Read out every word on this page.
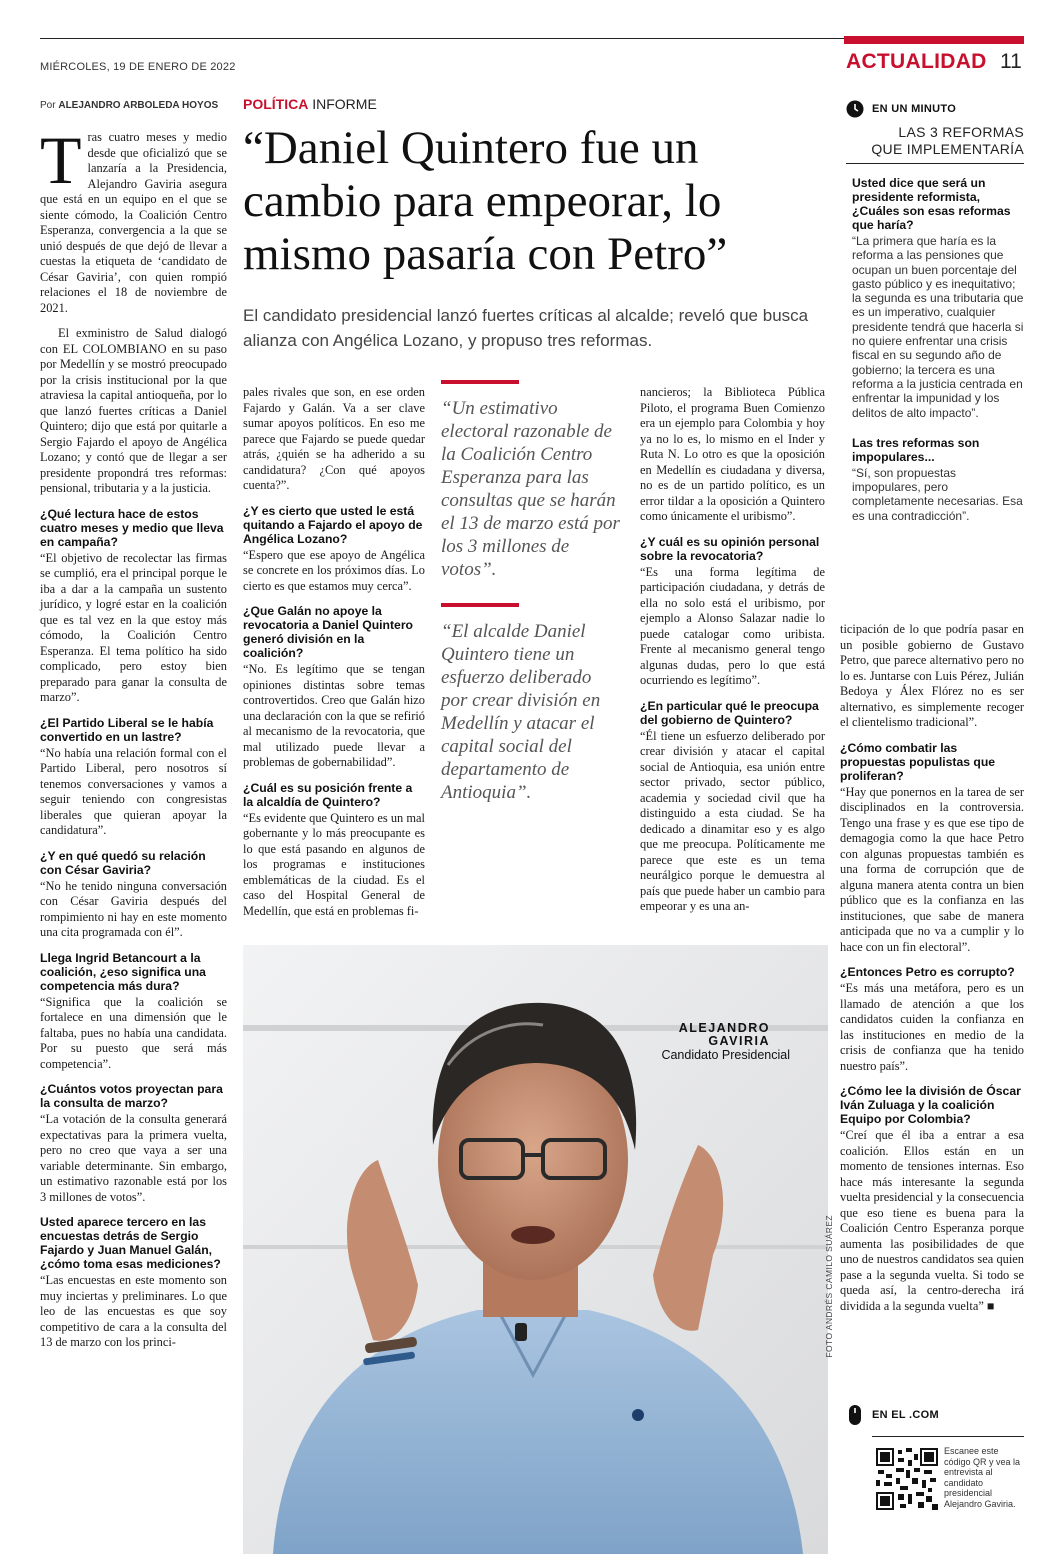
MIÉRCOLES, 19 DE ENERO DE 2022	ACTUALIDAD 11
Por ALEJANDRO ARBOLEDA HOYOS POLÍTICA INFORME
“Daniel Quintero fue un cambio para empeorar, lo mismo pasaría con Petro”
El candidato presidencial lanzó fuertes críticas al alcalde; reveló que busca alianza con Angélica Lozano, y propuso tres reformas.

T ras cuatro meses y medio desde que oficializó que se lanzaría a la Presidencia, Alejandro Gaviria asegura que está en un equipo en el que se siente cómodo, la Coalición Centro Esperanza, convergencia a la que se unió después de que dejó de llevar a cuestas la etiqueta de ‘candidato de César Gaviria’, con quien rompió relaciones el 18 de noviembre de 2021.

El exministro de Salud dialogó con EL COLOMBIANO en su paso por Medellín y se mostró preocupado por la crisis institucional por la que atraviesa la capital antioqueña, por lo que lanzó fuertes críticas a Daniel Quintero; dijo que está por quitarle a Sergio Fajardo el apoyo de Angélica Lozano; y contó que de llegar a ser presidente propondrá tres reformas: pensional, tributaria y a la justicia.

¿Qué lectura hace de estos cuatro meses y medio que lleva en campaña?

“El objetivo de recolectar las firmas se cumplió, era el principal porque le iba a dar a la campaña un sustento jurídico, y logré estar en la coalición que es tal vez en la que estoy más cómodo, la Coalición Centro Esperanza. El tema político ha sido complicado, pero estoy bien preparado para ganar la consulta de marzo”.

¿El Partido Liberal se le había convertido en un lastre?

“No había una relación formal con el Partido Liberal, pero nosotros sí tenemos conversaciones y vamos a seguir teniendo con congresistas liberales que quieran apoyar la candidatura”.

¿Y en qué quedó su relación con César Gaviria?

“No he tenido ninguna conversación con César Gaviria después del rompimiento ni hay en este momento una cita programada con él”.

Llega Ingrid Betancourt a la coalición, ¿eso significa una competencia más dura?

“Significa que la coalición se fortalece en una dimensión que le faltaba, pues no había una candidata. Por su puesto que será más competencia”.

¿Cuántos votos proyectan para la consulta de marzo?

“La votación de la consulta generará expectativas para la primera vuelta, pero no creo que vaya a ser una variable determinante. Sin embargo, un estimativo razonable está por los 3 millones de votos”.

Usted aparece tercero en las encuestas detrás de Sergio Fajardo y Juan Manuel Galán, ¿cómo toma esas mediciones?

“Las encuestas en este momento son muy inciertas y preliminares. Lo que leo de las encuestas es que soy competitivo de cara a la consulta del 13 de marzo con los princi-

pales rivales que son, en ese orden Fajardo y Galán. Va a ser clave sumar apoyos políticos. En eso me parece que Fajardo se puede quedar atrás, ¿quién se ha adherido a su candidatura? ¿Con qué apoyos cuenta?”.

¿Y es cierto que usted le está quitando a Fajardo el apoyo de Angélica Lozano?

“Espero que ese apoyo de Angélica se concrete en los próximos días. Lo cierto es que estamos muy cerca”.

¿Que Galán no apoye la revocatoria a Daniel Quintero generó división en la coalición?

“No. Es legítimo que se tengan opiniones distintas sobre temas controvertidos. Creo que Galán hizo una declaración con la que se refirió al mecanismo de la revocatoria, que mal utilizado puede llevar a problemas de gobernabilidad”.

¿Cuál es su posición frente a la alcaldía de Quintero?

“Es evidente que Quintero es un mal gobernante y lo más preocupante es lo que está pasando en algunos de los programas e instituciones emblemáticas de la ciudad. Es el caso del Hospital General de Medellín, que está en problemas fi-

“Un estimativo electoral razonable de la Coalición Centro Esperanza para las consultas que se harán el 13 de marzo está por los 3 millones de votos”.
“El alcalde Daniel Quintero tiene un esfuerzo deliberado por crear división en Medellín y atacar el capital social del departamento de Antioquia”.

nancieros; la Biblioteca Pública Piloto, el programa Buen Comienzo era un ejemplo para Colombia y hoy ya no lo es, lo mismo en el Inder y Ruta N. Lo otro es que la oposición en Medellín es ciudadana y diversa, no es de un partido político, es un error tildar a la oposición a Quintero como únicamente el uribismo”.

¿Y cuál es su opinión personal sobre la revocatoria?

“Es una forma legítima de participación ciudadana, y detrás de ella no solo está el uribismo, por ejemplo a Alonso Salazar nadie lo puede catalogar como uribista. Frente al mecanismo general tengo algunas dudas, pero lo que está ocurriendo es legítimo”.

¿En particular qué le preocupa del gobierno de Quintero?

“Él tiene un esfuerzo deliberado por crear división y atacar el capital social de Antioquia, esa unión entre sector privado, sector público, academia y sociedad civil que ha distinguido a esta ciudad. Se ha dedicado a dinamitar eso y es algo que me preocupa. Políticamente me parece que este es un tema neurálgico porque le demuestra al país que puede haber un cambio para empeorar y es una an-

EN UN MINUTO
LAS 3 REFORMAS
QUE IMPLEMENTARÍA
Usted dice que será un presidente reformista, ¿Cuáles son esas reformas que haría?
“La primera que haría es la reforma a las pensiones que ocupan un buen porcentaje del gasto público y es inequitativo; la segunda es una tributaria que es un imperativo, cualquier presidente tendrá que hacerla si no quiere enfrentar una crisis fiscal en su segundo año de gobierno; la tercera es una reforma a la justicia centrada en enfrentar la impunidad y los delitos de alto impacto”.
Las tres reformas son impopulares...
“Sí, son propuestas impopulares, pero completamente necesarias. Esa es una contradicción”.

ticipación de lo que podría pasar en un posible gobierno de Gustavo Petro, que parece alternativo pero no lo es. Juntarse con Luis Pérez, Julián Bedoya y Álex Flórez no es ser alternativo, es simplemente recoger el clientelismo tradicional”.

¿Cómo combatir las propuestas populistas que proliferan?

“Hay que ponernos en la tarea de ser disciplinados en la controversia. Tengo una frase y es que ese tipo de demagogia como la que hace Petro con algunas propuestas también es una forma de corrupción que de alguna manera atenta contra un bien público que es la confianza en las instituciones, que sabe de manera anticipada que no va a cumplir y lo hace con un fin electoral”.

¿Entonces Petro es corrupto?

“Es más una metáfora, pero es un llamado de atención a que los candidatos cuiden la confianza en las instituciones en medio de la crisis de confianza que ha tenido nuestro país”.

¿Cómo lee la división de Óscar Iván Zuluaga y la coalición Equipo por Colombia?

“Creí que él iba a entrar a esa coalición. Ellos están en un momento de tensiones internas. Eso hace más interesante la segunda vuelta presidencial y la consecuencia que eso tiene es buena para la Coalición Centro Esperanza porque aumenta las posibilidades de que uno de nuestros candidatos sea quien pase a la segunda vuelta. Si todo se queda así, la centro-derecha irá dividida a la segunda vuelta” ■

ALEJANDRO
GAVIRIA
Candidato Presidencial
FOTO ANDRÉS CAMILO SUÁREZ
EN EL .COM
Escanee este código QR y vea la entrevista al candidato presidencial Alejandro Gaviria.
